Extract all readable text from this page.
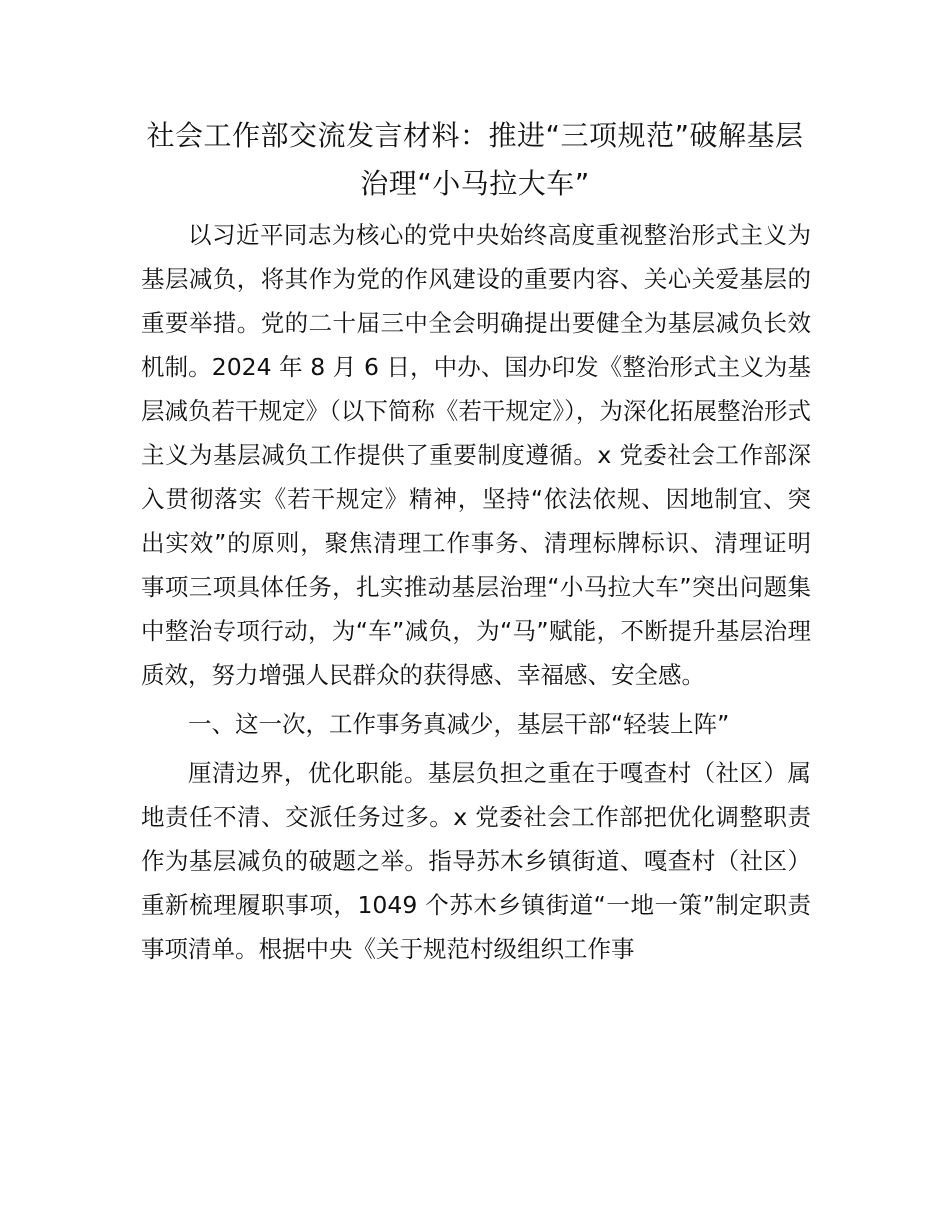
社会工作部交流发言材料：推进“三项规范”破解基层治理“小马拉大车”

以习近平同志为核心的党中央始终高度重视整治形式主义为基层减负，将其作为党的作风建设的重要内容、关心关爱基层的重要举措。党的二十届三中全会明确提出要健全为基层减负长效机制。2024 年 8 月 6 日，中办、国办印发《整治形式主义为基层减负若干规定》（以下简称《若干规定》），为深化拓展整治形式主义为基层减负工作提供了重要制度遵循。x 党委社会工作部深入贯彻落实《若干规定》精神，坚持“依法依规、因地制宜、突出实效”的原则，聚焦清理工作事务、清理标牌标识、清理证明事项三项具体任务，扎实推动基层治理“小马拉大车”突出问题集中整治专项行动，为“车”减负，为“马”赋能，不断提升基层治理质效，努力增强人民群众的获得感、幸福感、安全感。

一、这一次，工作事务真减少，基层干部“轻装上阵”

厘清边界，优化职能。基层负担之重在于嘎查村（社区）属地责任不清、交派任务过多。x 党委社会工作部把优化调整职责作为基层减负的破题之举。指导苏木乡镇街道、嘎查村（社区）重新梳理履职事项，1049 个苏木乡镇街道“一地一策”制定职责事项清单。根据中央《关于规范村级组织工作事
